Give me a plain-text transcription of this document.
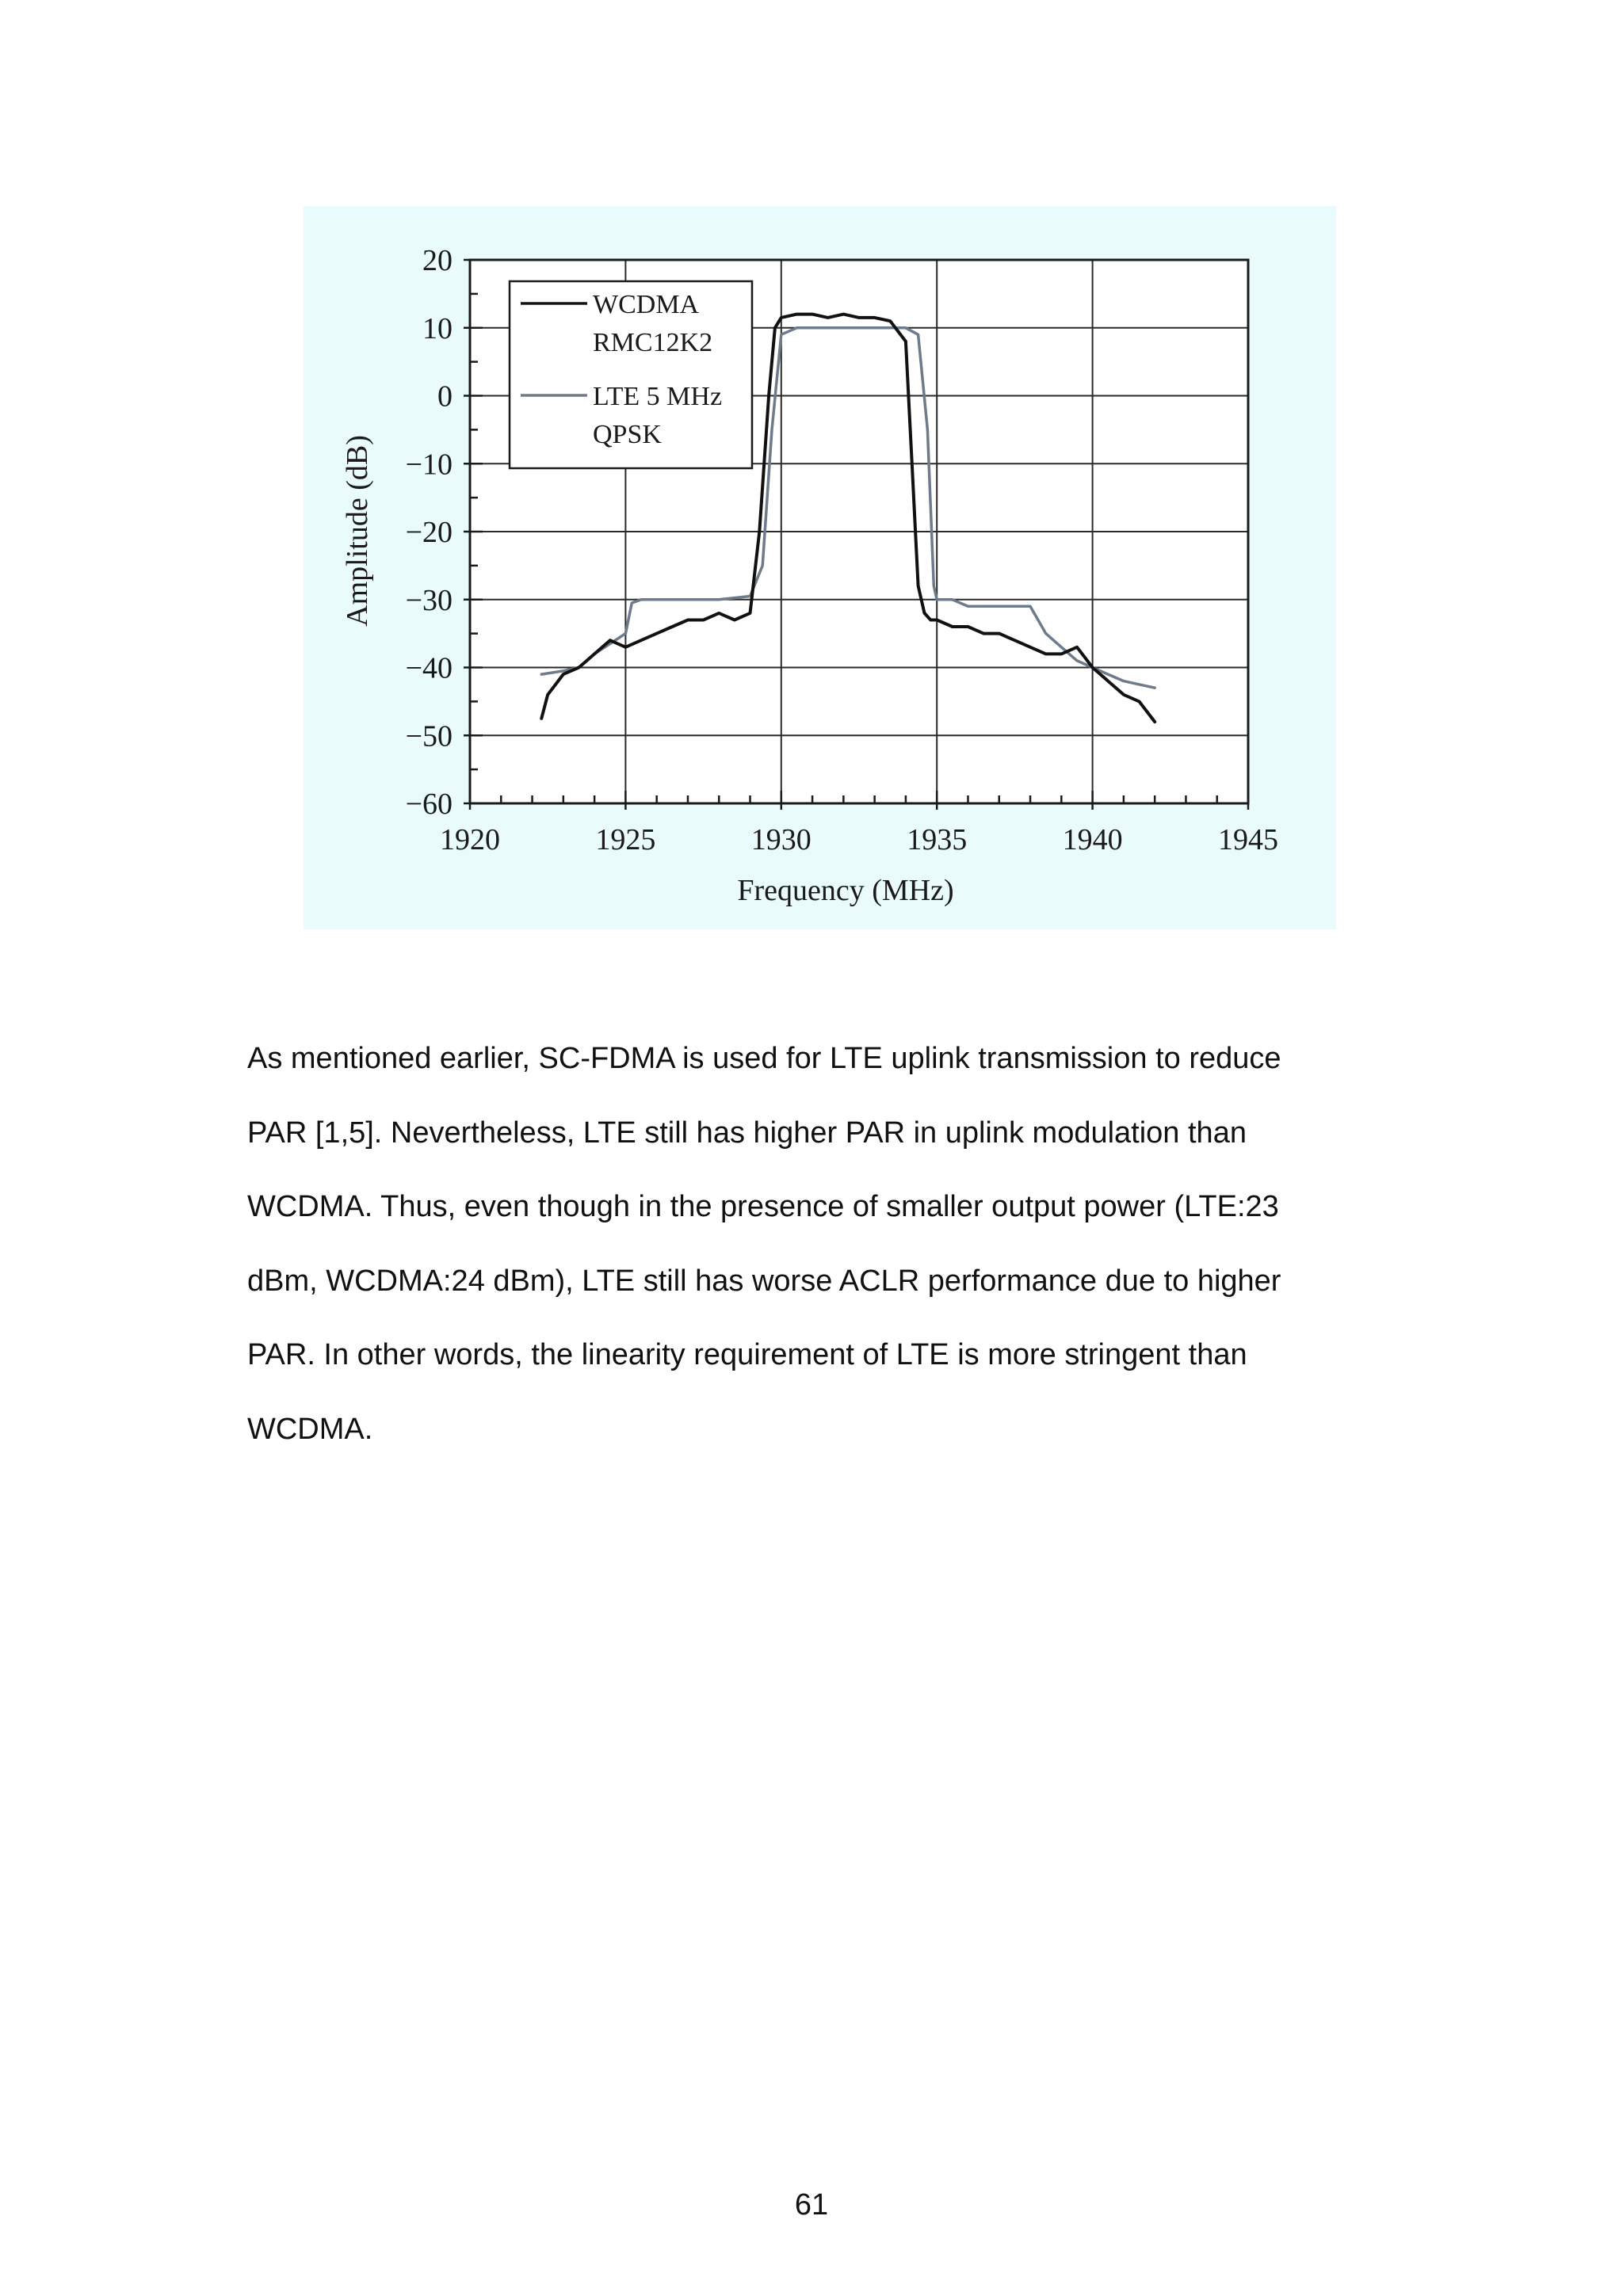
1920	1925	1930	1935	1940	1945
20
10
0
−10
−20
−30
−40
−50
−60
WCDMA
RMC12K2
LTE 5 MHz
QPSK
Frequency (MHz)
Amplitude (dB)
As mentioned earlier, SC-FDMA is used for LTE uplink transmission to reduce
PAR [1,5]. Nevertheless, LTE still has higher PAR in uplink modulation than
WCDMA. Thus, even though in the presence of smaller output power (LTE:23
dBm, WCDMA:24 dBm), LTE still has worse ACLR performance due to higher
PAR. In other words, the linearity requirement of LTE is more stringent than
WCDMA.
61
